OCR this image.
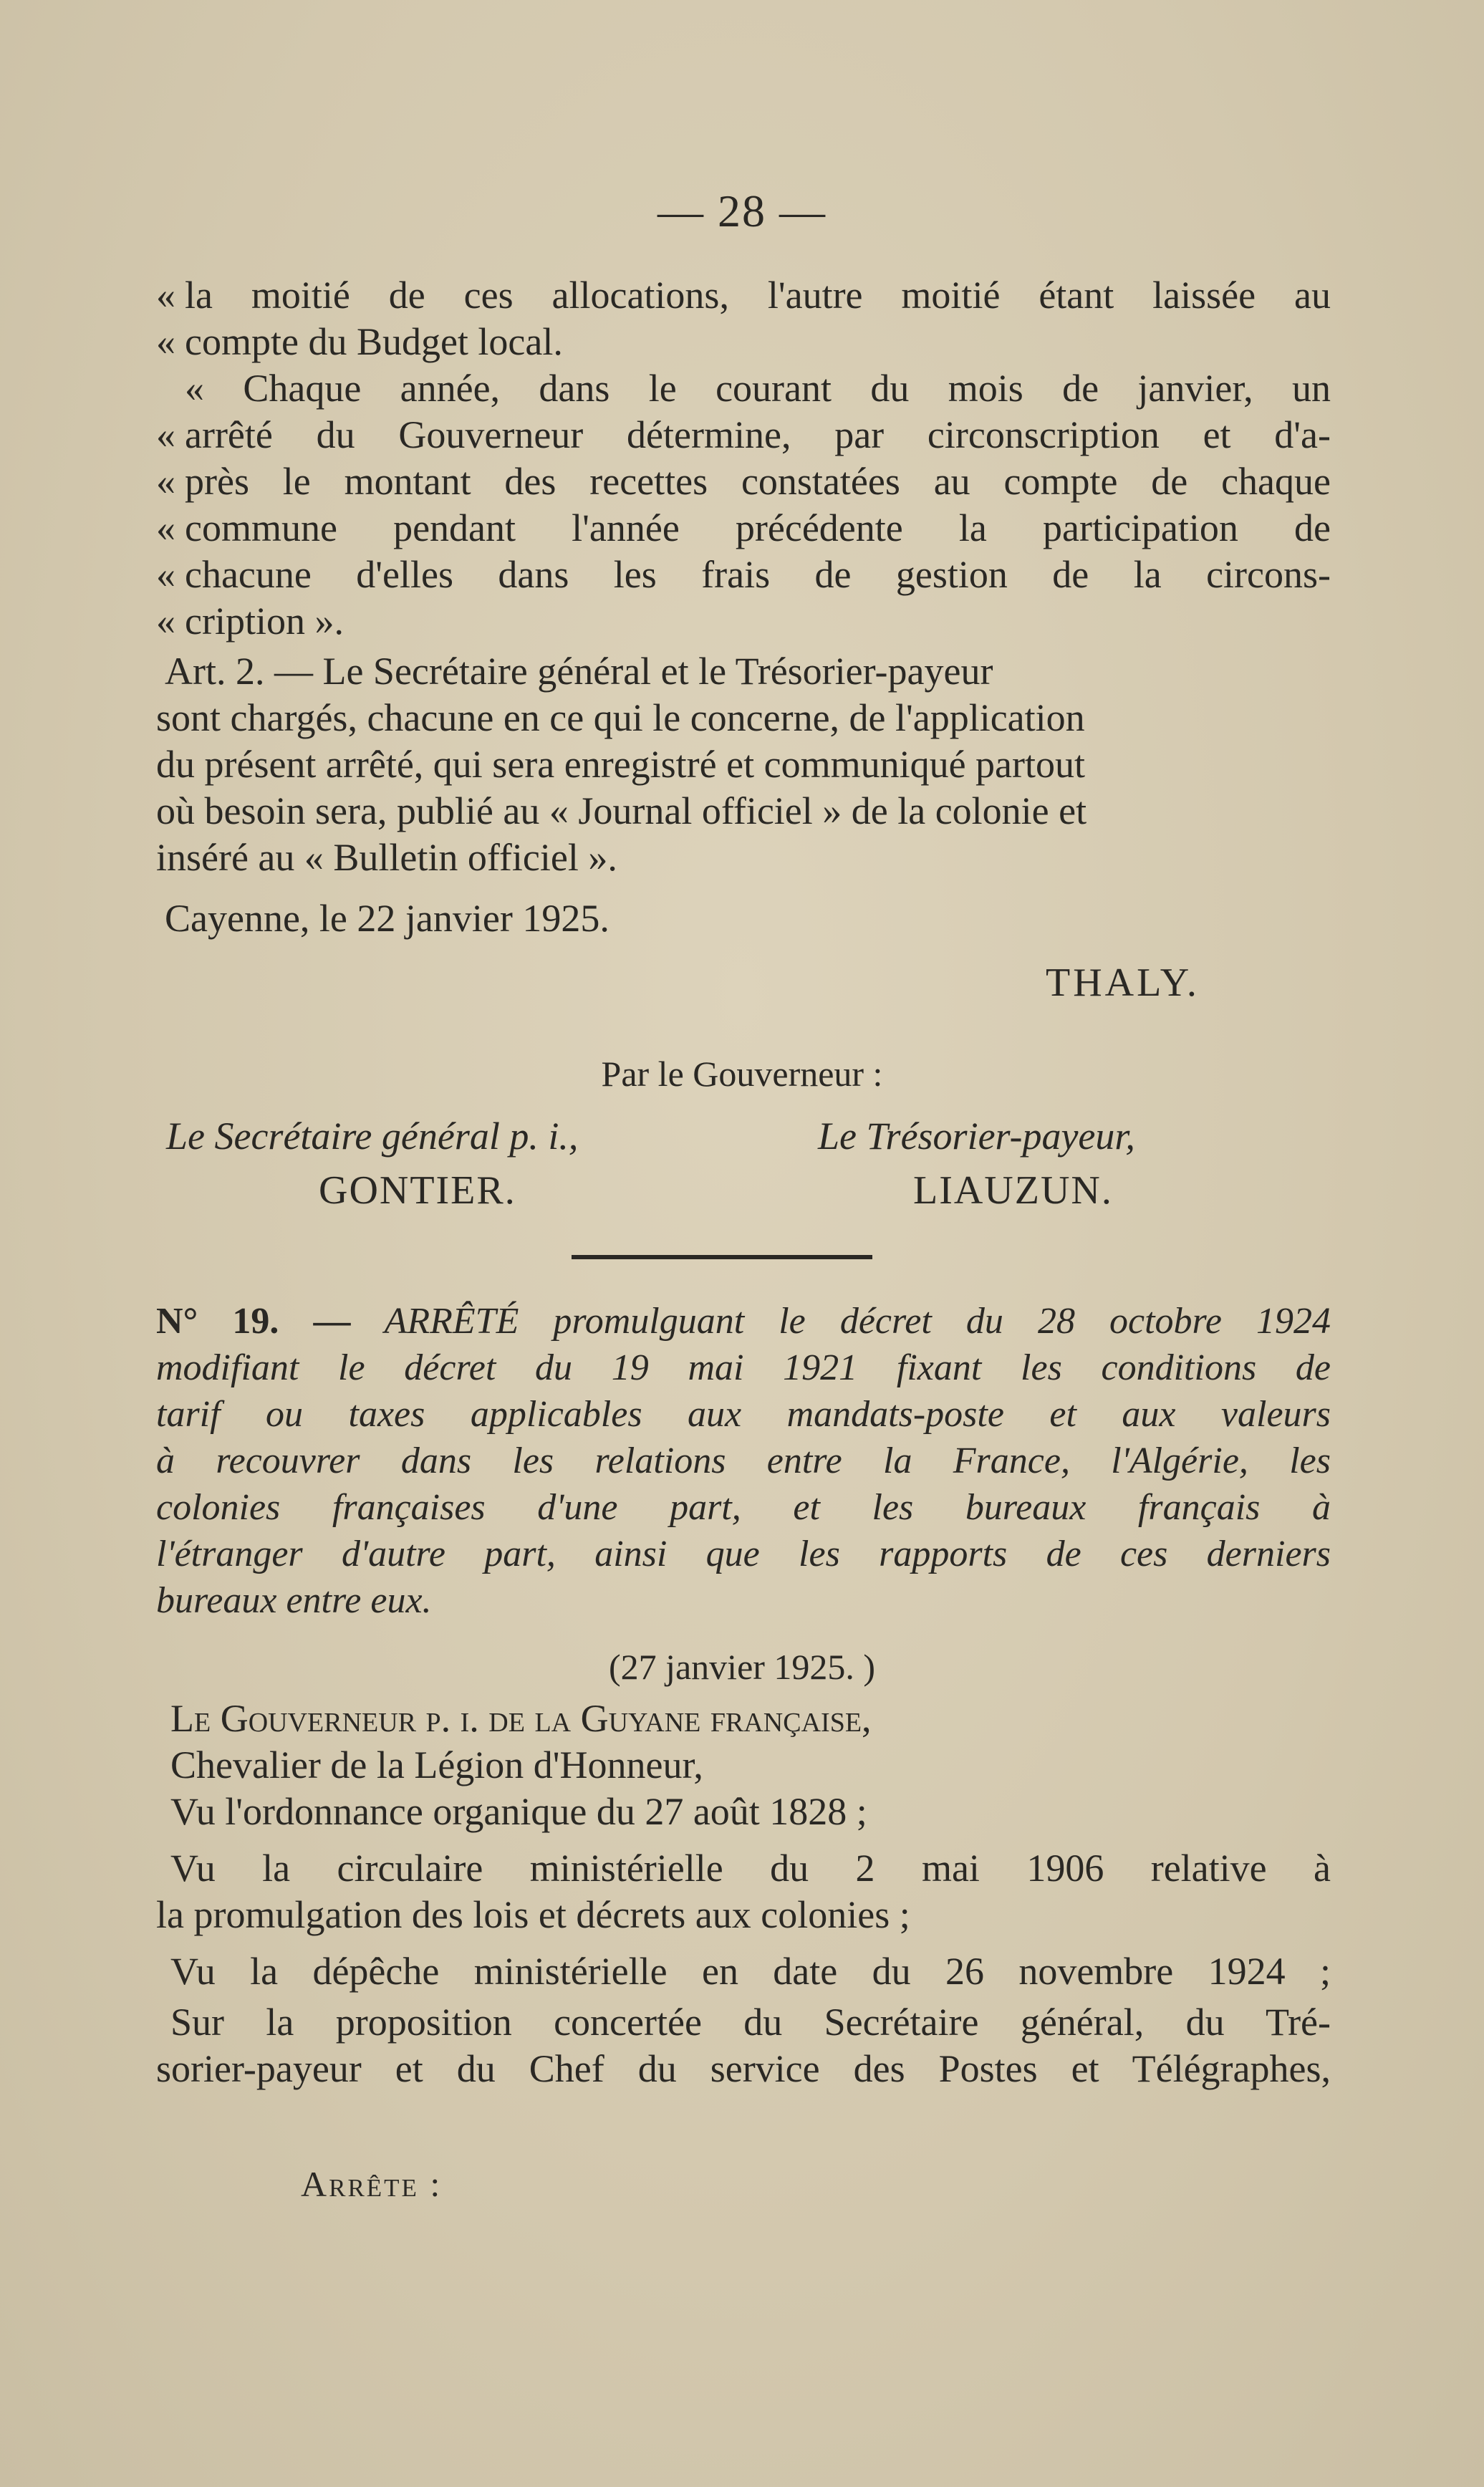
— 28 —
« la moitié de ces allocations, l'autre moitié étant laissée au
« compte du Budget local.
« Chaque année, dans le courant du mois de janvier, un
« arrêté du Gouverneur détermine, par circonscription et d'a-
« près le montant des recettes constatées au compte de chaque
« commune pendant l'année précédente la participation de
« chacune d'elles dans les frais de gestion de la circons-
« cription ».
Art. 2. — Le Secrétaire général et le Trésorier-payeur
sont chargés, chacune en ce qui le concerne, de l'application
du présent arrêté, qui sera enregistré et communiqué partout
où besoin sera, publié au « Journal officiel » de la colonie et
inséré au « Bulletin officiel ».
Cayenne, le 22 janvier 1925.
THALY.
Par le Gouverneur :
Le Secrétaire général p. i.,	Le Trésorier-payeur,
GONTIER.	LIAUZUN.
N° 19. — ARRÊTÉ promulguant le décret du 28 octobre 1924
modifiant le décret du 19 mai 1921 fixant les conditions de
tarif ou taxes applicables aux mandats-poste et aux valeurs
à recouvrer dans les relations entre la France, l'Algérie, les
colonies françaises d'une part, et les bureaux français à
l'étranger d'autre part, ainsi que les rapports de ces derniers
bureaux entre eux.
(27 janvier 1925. )
Le Gouverneur p. i. de la Guyane française,
Chevalier de la Légion d'Honneur,
Vu l'ordonnance organique du 27 août 1828 ;
Vu la circulaire ministérielle du 2 mai 1906 relative à
la promulgation des lois et décrets aux colonies ;
Vu la dépêche ministérielle en date du 26 novembre 1924 ;
Sur la proposition concertée du Secrétaire général, du Tré-
sorier-payeur et du Chef du service des Postes et Télégraphes,
Arrête :
